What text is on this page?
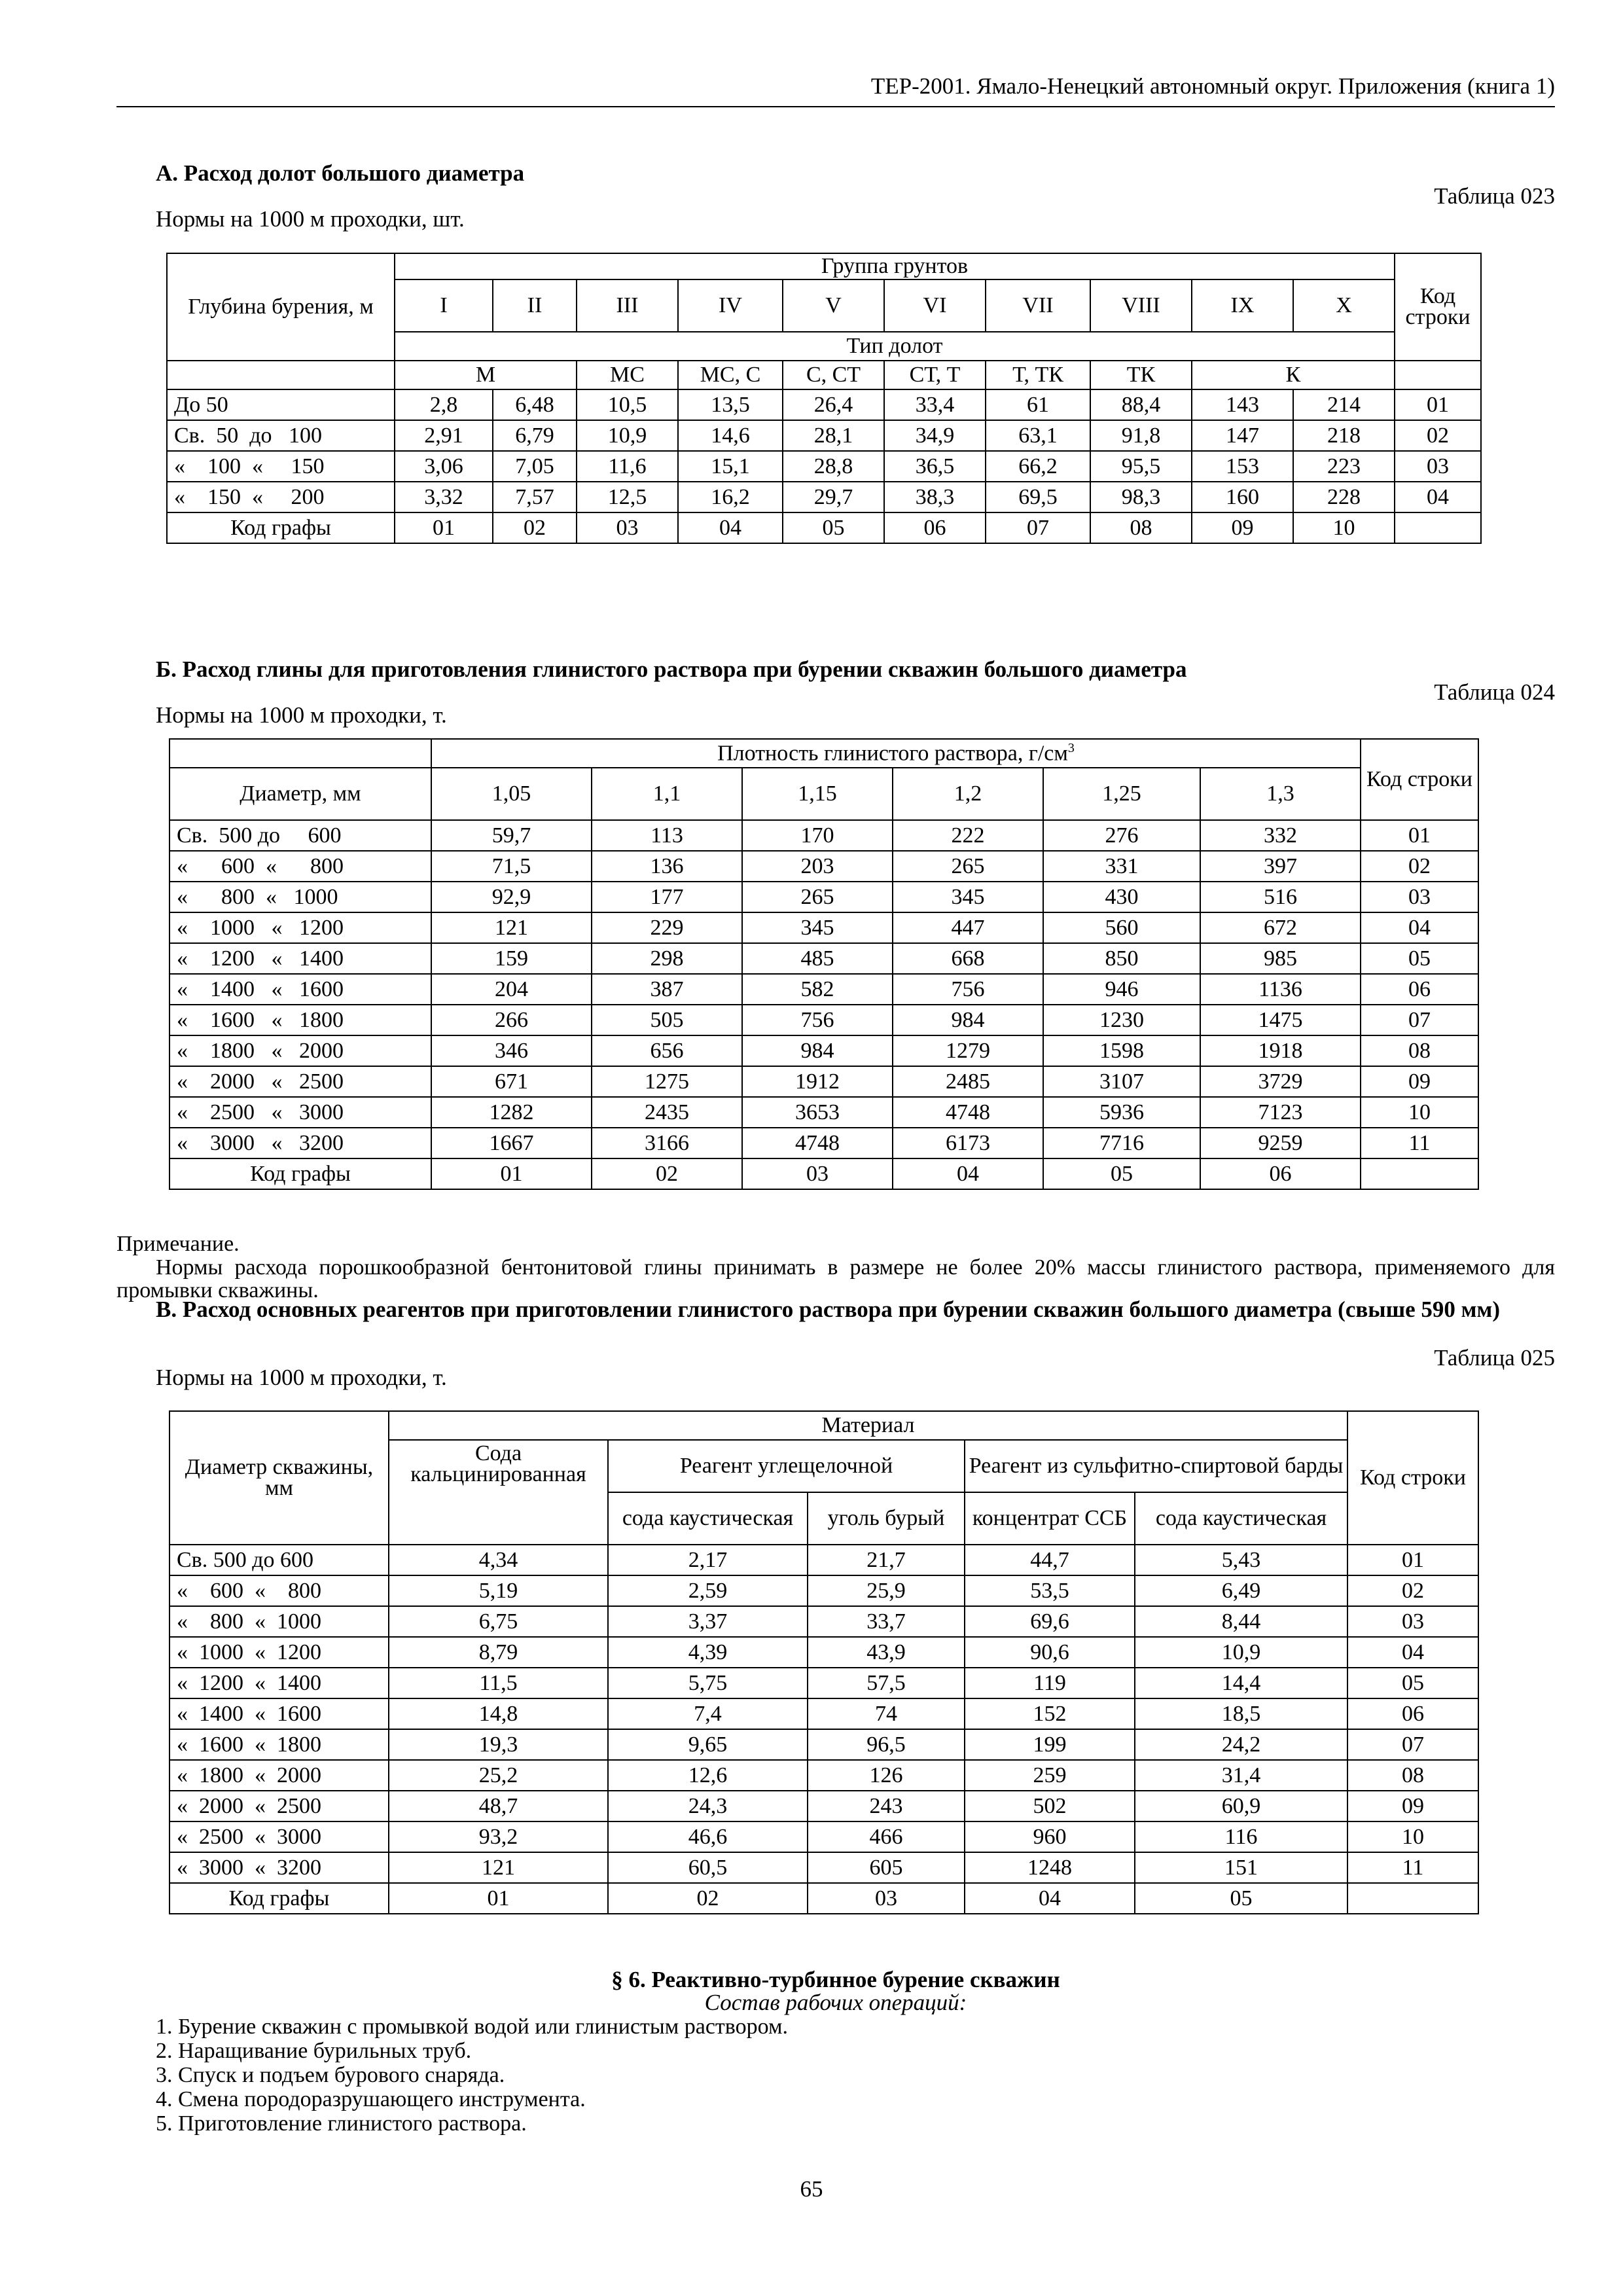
ТЕР-2001. Ямало-Ненецкий автономный округ. Приложения (книга 1)
А. Расход долот большого диаметра
Таблица 023
Нормы на 1000 м проходки, шт.
Глубина бурения, м	Группа грунтов										Код строки
	I	II	III	IV	V	VI	VII	VIII	IX	X	
	Тип долот										
	М		МС	МС, С	С, СТ	СТ, Т	Т, ТК	ТК	К		
До 50	2,8	6,48	10,5	13,5	26,4	33,4	61	88,4	143	214	01
Св.  50  до   100	2,91	6,79	10,9	14,6	28,1	34,9	63,1	91,8	147	218	02
«    100  «     150	3,06	7,05	11,6	15,1	28,8	36,5	66,2	95,5	153	223	03
«    150  «     200	3,32	7,57	12,5	16,2	29,7	38,3	69,5	98,3	160	228	04
Код графы	01	02	03	04	05	06	07	08	09	10	
Б. Расход глины для приготовления глинистого раствора при бурении скважин большого диаметра
Таблица 024
Нормы на 1000 м проходки, т.
	Плотность глинистого раствора, $г/см^3$						Код строки
Диаметр, мм	1,05	1,1	1,15	1,2	1,25	1,3	
Св.  500 до     600	59,7	113	170	222	276	332	01
«      600  «      800	71,5	136	203	265	331	397	02
«      800  «   1000	92,9	177	265	345	430	516	03
«    1000   «   1200	121	229	345	447	560	672	04
«    1200   «   1400	159	298	485	668	850	985	05
«    1400   «   1600	204	387	582	756	946	1136	06
«    1600   «   1800	266	505	756	984	1230	1475	07
«    1800   «   2000	346	656	984	1279	1598	1918	08
«    2000   «   2500	671	1275	1912	2485	3107	3729	09
«    2500   «   3000	1282	2435	3653	4748	5936	7123	10
«    3000   «   3200	1667	3166	4748	6173	7716	9259	11
Код графы	01	02	03	04	05	06	

Примечание.

Нормы расхода порошкообразной бентонитовой глины принимать в размере не более 20% массы глинистого раствора, применяемого для промывки скважины.

В. Расход основных реагентов при приготовлении глинистого раствора при бурении скважин большого диаметра (свыше 590 мм)
Таблица 025
Нормы на 1000 м проходки, т.
Диаметр скважины, мм	Материал					Код строки
	Сода кальцинированная	Реагент углещелочной		Реагент из сульфитно-спиртовой барды		
		сода каустическая	уголь бурый	концентрат ССБ	сода каустическая	
Св. 500 до 600	4,34	2,17	21,7	44,7	5,43	01
«    600  «    800	5,19	2,59	25,9	53,5	6,49	02
«    800  «  1000	6,75	3,37	33,7	69,6	8,44	03
«  1000  «  1200	8,79	4,39	43,9	90,6	10,9	04
«  1200  «  1400	11,5	5,75	57,5	119	14,4	05
«  1400  «  1600	14,8	7,4	74	152	18,5	06
«  1600  «  1800	19,3	9,65	96,5	199	24,2	07
«  1800  «  2000	25,2	12,6	126	259	31,4	08
«  2000  «  2500	48,7	24,3	243	502	60,9	09
«  2500  «  3000	93,2	46,6	466	960	116	10
«  3000  «  3200	121	60,5	605	1248	151	11
Код графы	01	02	03	04	05	
§ 6. Реактивно-турбинное бурение скважин
Состав рабочих операций:
1. Бурение скважин с промывкой водой или глинистым раствором.
2. Наращивание бурильных труб.
3. Спуск и подъем бурового снаряда.
4. Смена породоразрушающего инструмента.
5. Приготовление глинистого раствора.
65
